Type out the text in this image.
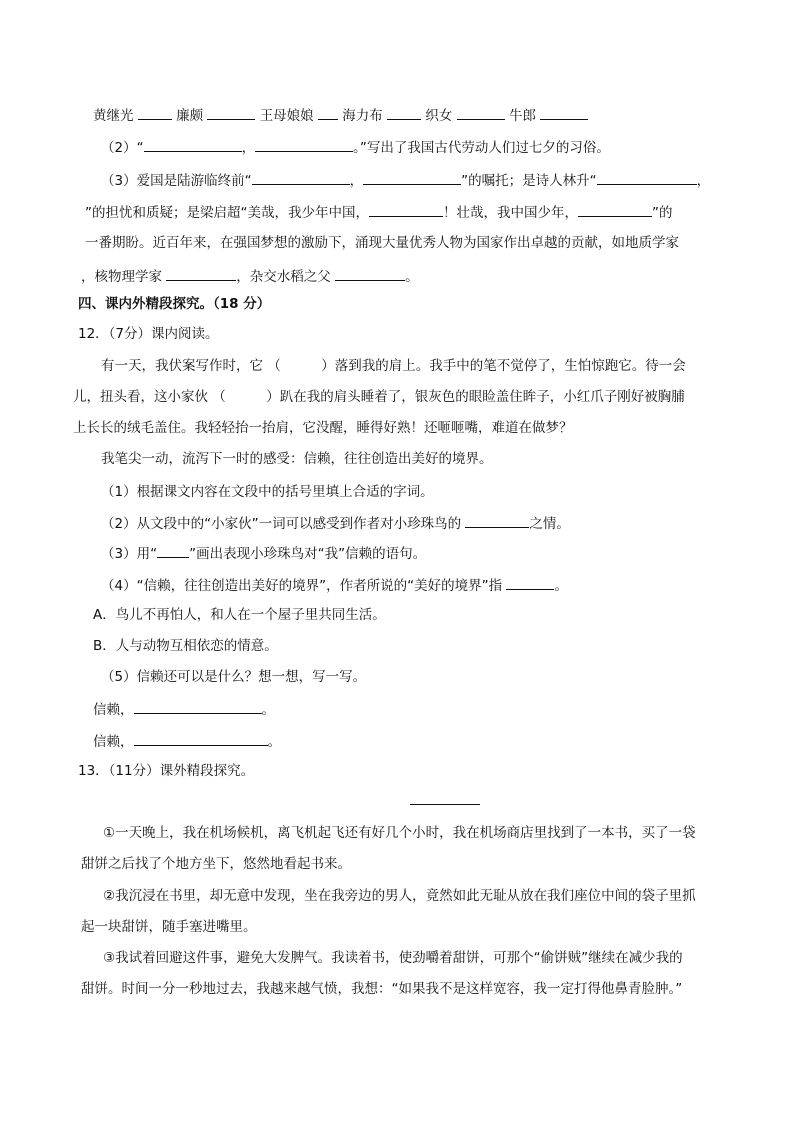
黄继光	廉颇	王母娘娘 海力布	织女	牛郎
（2）“	，	。”写出了我国古代劳动人们过七夕的习俗。
（3）爱国是陆游临终前“	，	”的嘱托；是诗人林升“	，
”的担忧和质疑；是梁启超“美哉，我少年中国，	！壮哉，我中国少年，	”的
一番期盼。近百年来，在强国梦想的激励下，涌现大量优秀人物为国家作出卓越的贡献，如地质学家
，核物理学家	，杂交水稻之父	。
四、课内外精段探究。（18 分）
12．（7分）课内阅读。
有一天，我伏案写作时，它 （　　　）落到我的肩上。我手中的笔不觉停了，生怕惊跑它。待一会
儿，扭头看，这小家伙 （　　　）趴在我的肩头睡着了，银灰色的眼睑盖住眸子，小红爪子刚好被胸脯
上长长的绒毛盖住。我轻轻抬一抬肩，它没醒，睡得好熟！还咂咂嘴，难道在做梦？
我笔尖一动，流泻下一时的感受：信赖，往往创造出美好的境界。
（1）根据课文内容在文段中的括号里填上合适的字词。
（2）从文段中的“小家伙”一词可以感受到作者对小珍珠鸟的	之情。
（3）用“ ”画出表现小珍珠鸟对“我”信赖的语句。
（4）“信赖，往往创造出美好的境界”，作者所说的“美好的境界”指	。
A．鸟儿不再怕人，和人在一个屋子里共同生活。
B．人与动物互相依恋的情意。
（5）信赖还可以是什么？想一想，写一写。
信赖，	。
信赖，	。
13．（11分）课外精段探究。
①一天晚上，我在机场候机，离飞机起飞还有好几个小时，我在机场商店里找到了一本书，买了一袋
甜饼之后找了个地方坐下，悠然地看起书来。
②我沉浸在书里，却无意中发现，坐在我旁边的男人，竟然如此无耻从放在我们座位中间的袋子里抓
起一块甜饼，随手塞进嘴里。
③我试着回避这件事，避免大发脾气。我读着书，使劲嚼着甜饼，可那个“偷饼贼”继续在减少我的
甜饼。时间一分一秒地过去，我越来越气愤，我想：“如果我不是这样宽容，我一定打得他鼻青脸肿。”
